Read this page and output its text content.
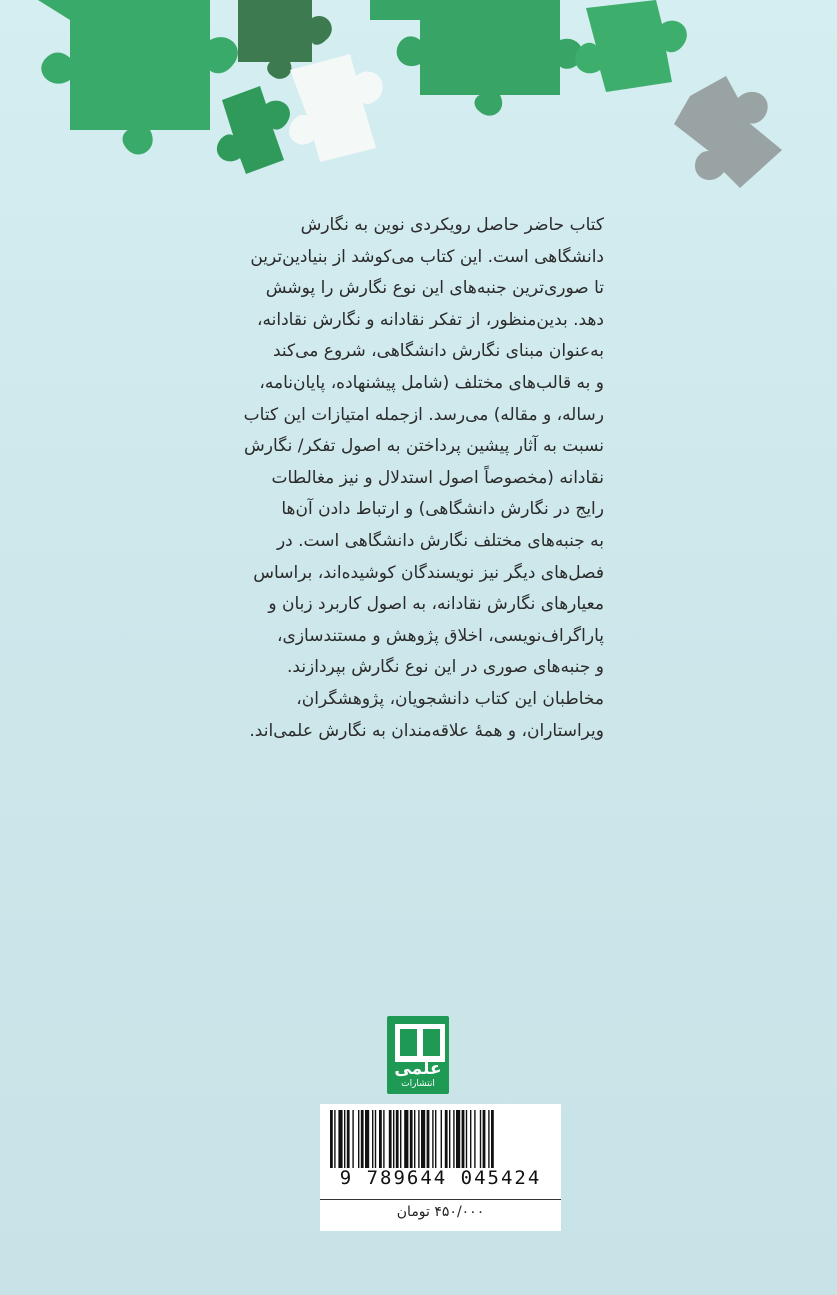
کتاب حاضر حاصل رویکردی نوین به نگارش

دانشگاهی است. این کتاب می‌کوشد از بنیادین‌ترین

تا صوری‌ترین جنبه‌های این نوع نگارش را پوشش

دهد. بدین‌منظور، از تفکر نقادانه و نگارش نقادانه،

به‌عنوان مبنای نگارش دانشگاهی، شروع می‌کند

و به قالب‌های مختلف (شامل پیشنهاده، پایان‌نامه،

رساله، و مقاله) می‌رسد. ازجمله امتیازات این کتاب

نسبت به آثار پیشین پرداختن به اصول تفکر/ نگارش

نقادانه (مخصوصاً اصول استدلال و نیز مغالطات

رایج در نگارش دانشگاهی) و ارتباط دادن آن‌ها

به جنبه‌های مختلف نگارش دانشگاهی است. در

فصل‌های دیگر نیز نویسندگان کوشیده‌اند، براساس

معیارهای نگارش نقادانه، به اصول کاربرد زبان و

پاراگراف‌نویسی، اخلاق پژوهش و مستندسازی،

و جنبه‌های صوری در این نوع نگارش بپردازند.

مخاطبان این کتاب دانشجویان، پژوهشگران،

ویراستاران، و همهٔ علاقه‌مندان به نگارش علمی‌اند.

علمی
انتشارات
9 789644 045424
۴۵۰/۰۰۰ تومان
